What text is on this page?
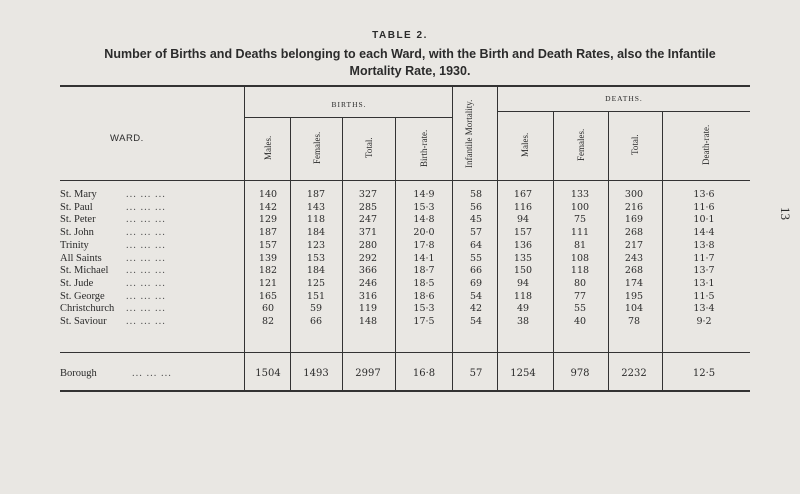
TABLE 2.
Number of Births and Deaths belonging to each Ward, with the Birth and Death Rates, also the Infantile Mortality Rate, 1930.
13
WARD.
BIRTHS.
DEATHS.
Males.	Females.	Total.	Birth-rate.	Infantile Mortality.	Males.	Females.	Total.	Death-rate.
St. Mary	... ... ...	140	187	327	14·9	58	167	133	300	13·6
St. Paul	... ... ...	142	143	285	15·3	56	116	100	216	11·6
St. Peter	... ... ...	129	118	247	14·8	45	94	75	169	10·1
St. John	... ... ...	187	184	371	20·0	57	157	111	268	14·4
Trinity	... ... ...	157	123	280	17·8	64	136	81	217	13·8
All Saints ... ... ...	139	153	292	14·1	55	135	108	243	11·7
St. Michael ... ... ...	182	184	366	18·7	66	150	118	268	13·7
St. Jude	... ... ...	121	125	246	18·5	69	94	80	174	13·1
St. George ... ... ...	165	151	316	18·6	54	118	77	195	11·5
Christchurch ... ... ...	60	59	119	15·3	42	49	55	104	13·4
St. Saviour ... ... ...	82	66	148	17·5	54	38	40	78	9·2
Borough	... ... ...	1504	1493	2997	16·8	57	1254	978	2232	12·5
